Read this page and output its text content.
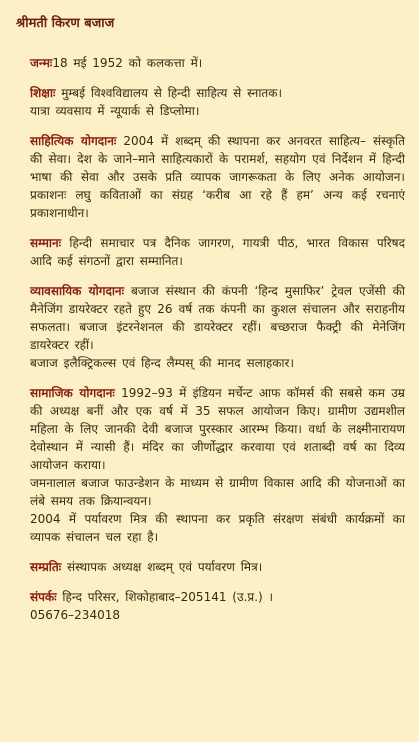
श्रीमती किरण बजाज

जन्मः18 मई 1952 को कलकत्ता में।

शिक्षाः मुम्बई विश्वविद्यालय से हिन्दी साहित्य से स्नातक।

यात्रा व्यवसाय में न्यूयार्क से डिप्लोमा।

साहित्यिक योगदानः 2004 में शब्दम् की स्थापना कर अनवरत साहित्य– संस्कृति की सेवा। देश के जाने–माने साहित्यकारों के परामर्श, सहयोग एवं निर्देशन में हिन्दी भाषा की सेवा और उसके प्रति व्यापक जागरूकता के लिए अनेक आयोजन। प्रकाशनः लघु कविताओं का संग्रह ‘करीब आ रहे हैं हम’ अन्य कई रचनाएं प्रकाशनाधीन।

सम्मानः हिन्दी समाचार पत्र दैनिक जागरण, गायत्री पीठ, भारत विकास परिषद आदि कई संगठनों द्वारा सम्मानित।

व्यावसायिक योगदानः बजाज संस्थान की कंपनी ‘हिन्द मुसाफिर’ ट्रेवल एजेंसी की मैनेजिंग डायरेक्टर रहते हुए 26 वर्ष तक कंपनी का कुशल संचालन और सराहनीय सफलता। बजाज इंटरनेशनल की डायरेक्टर रहीं। बच्छराज फैक्ट्री की मेनेजिंग डायरेक्टर रहीं।

बजाज इलैक्ट्रिकल्स एवं हिन्द लैम्पस् की मानद सलाहकार।

सामाजिक योगदानः 1992–93 में इंडियन मर्चेन्ट आफ कॉमर्स की सबसे कम उम्र की अध्यक्ष बनीं और एक वर्ष में 35 सफल आयोजन किए। ग्रामीण उद्यमशील महिला के लिए जानकी देवी बजाज पुरस्कार आरम्भ किया। वर्धा के लक्ष्मीनारायण देवोस्थान में न्यासी हैं। मंदिर का जीर्णोद्धार करवाया एवं शताब्दी वर्ष का दिव्य आयोजन कराया।

जमनालाल बजाज फाउन्डेशन के माध्यम से ग्रामीण विकास आदि की योजनाओं का लंबे समय तक क्रियान्वयन।

2004 में पर्यावरण मित्र की स्थापना कर प्रकृति संरक्षण संबंधी कार्यक्रमों का व्यापक संचालन चल रहा है।

सम्प्रतिः संस्थापक अध्यक्ष शब्दम् एवं पर्यावरण मित्र।

संपर्कः हिन्द परिसर, शिकोहाबाद–205141 (उ.प्र.) ।

05676–234018
